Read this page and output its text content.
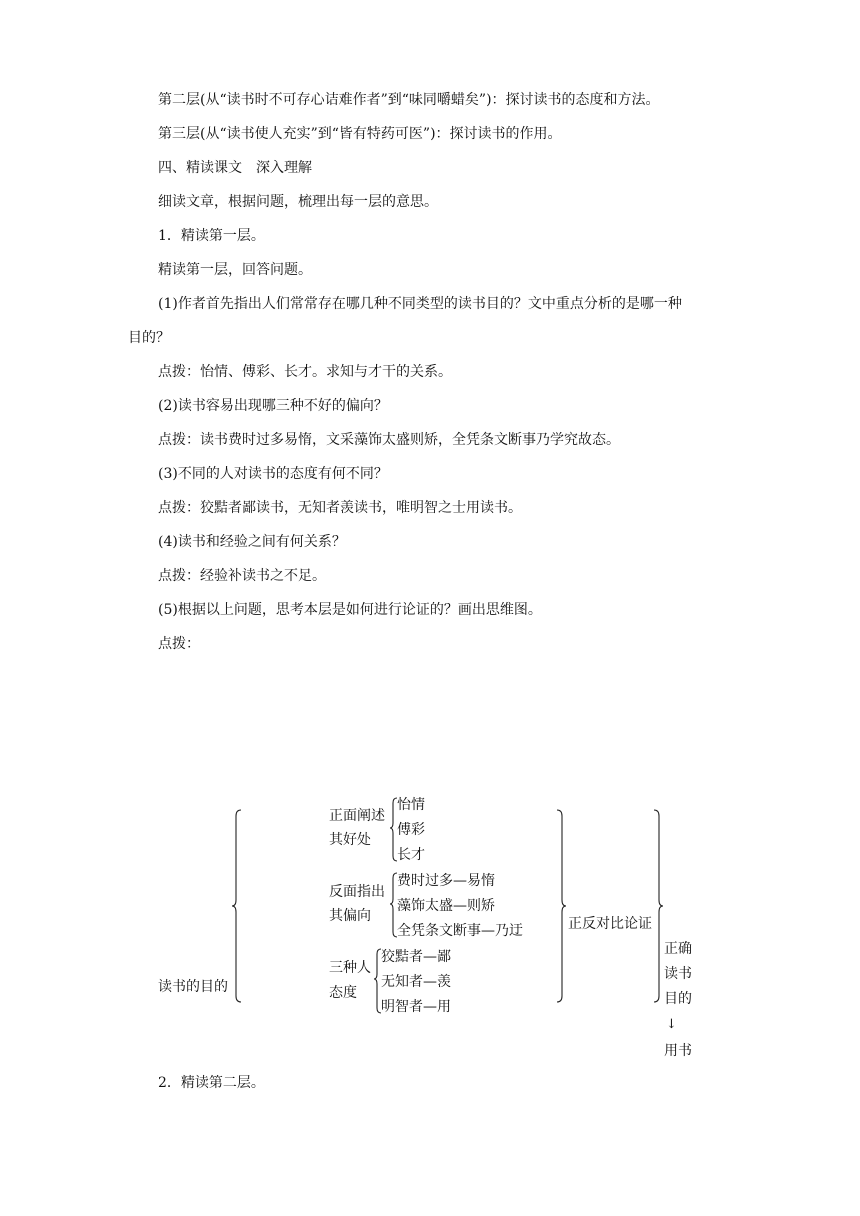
第二层(从“读书时不可存心诘难作者”到“味同嚼蜡矣”)：探讨读书的态度和方法。
第三层(从“读书使人充实”到“皆有特药可医”)：探讨读书的作用。
四、精读课文　深入理解
细读文章，根据问题，梳理出每一层的意思。
1．精读第一层。
精读第一层，回答问题。
(1)作者首先指出人们常常存在哪几种不同类型的读书目的？文中重点分析的是哪一种
目的？
点拨：怡情、傅彩、长才。求知与才干的关系。
(2)读书容易出现哪三种不好的偏向？
点拨：读书费时过多易惰，文采藻饰太盛则矫，全凭条文断事乃学究故态。
(3)不同的人对读书的态度有何不同？
点拨：狡黠者鄙读书，无知者羡读书，唯明智之士用读书。
(4)读书和经验之间有何关系？
点拨：经验补读书之不足。
(5)根据以上问题，思考本层是如何进行论证的？画出思维图。
点拨：
读书的目的
正面阐述
其好处
怡情
傅彩
长才
反面指出
其偏向
费时过多—易惰
藻饰太盛—则矫
全凭条文断事—乃迂
三种人
态度
狡黠者—鄙
无知者—羡
明智者—用
正反对比论证
正确
读书
目的
↓
用书
2．精读第二层。
